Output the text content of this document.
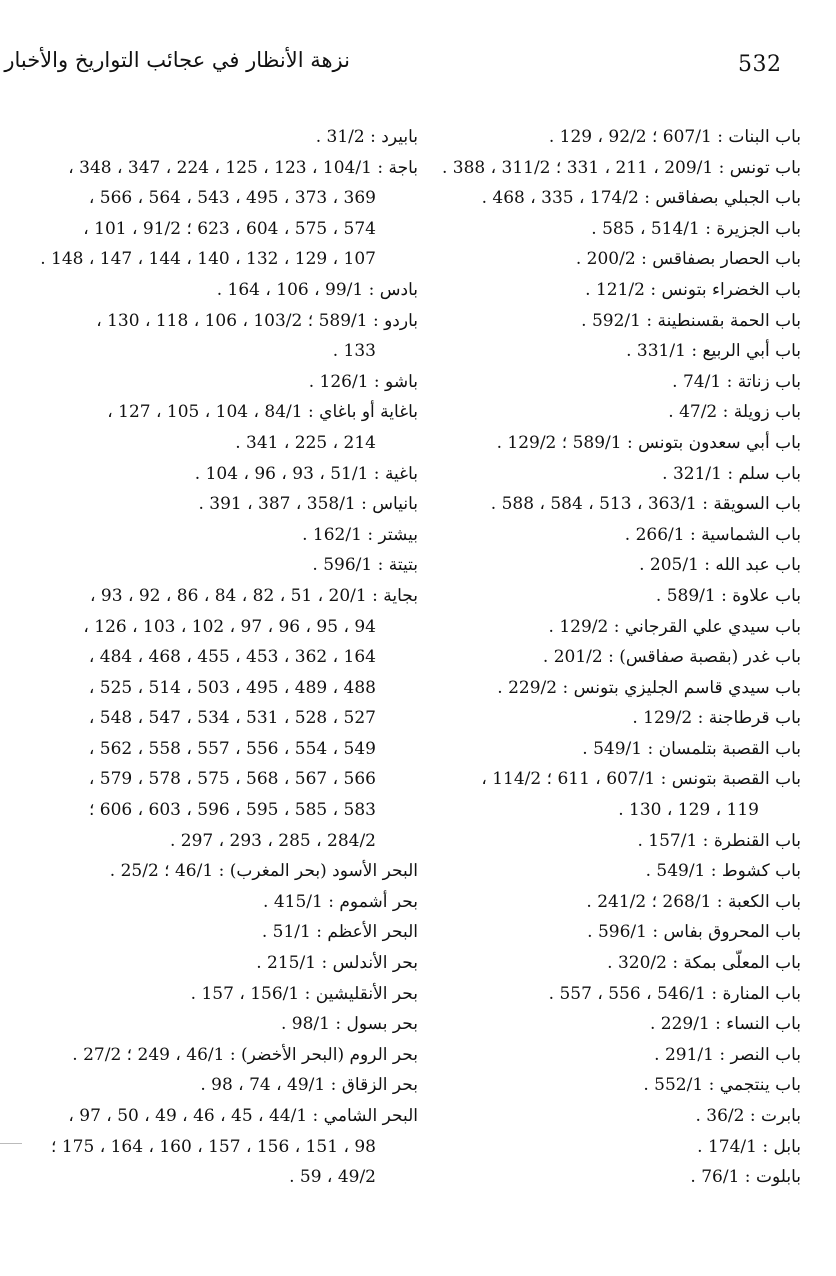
532
نزهة الأنظار في عجائب التواريخ والأخبار
باب البنات : 607/1 ؛ 92/2 ، 129 .
باب تونس : 209/1 ، 211 ، 331 ؛ 311/2 ، 388 .
باب الجبلي بصفاقس : 174/2 ، 335 ، 468 .
باب الجزيرة : 514/1 ، 585 .
باب الحصار بصفاقس : 200/2 .
باب الخضراء بتونس : 121/2 .
باب الحمة بقسنطينة : 592/1 .
باب أبي الربيع : 331/1 .
باب زناتة : 74/1 .
باب زويلة : 47/2 .
باب أبي سعدون بتونس : 589/1 ؛ 129/2 .
باب سلم : 321/1 .
باب السويقة : 363/1 ، 513 ، 584 ، 588 .
باب الشماسية : 266/1 .
باب عبد الله : 205/1 .
باب علاوة : 589/1 .
باب سيدي علي القرجاني : 129/2 .
باب غدر (بقصبة صفاقس) : 201/2 .
باب سيدي قاسم الجليزي بتونس : 229/2 .
باب قرطاجنة : 129/2 .
باب القصبة بتلمسان : 549/1 .
باب القصبة بتونس : 607/1 ، 611 ؛ 114/2 ،
119 ، 129 ، 130 .
باب القنطرة : 157/1 .
باب كشوط : 549/1 .
باب الكعبة : 268/1 ؛ 241/2 .
باب المحروق بفاس : 596/1 .
باب المعلّى بمكة : 320/2 .
باب المنارة : 546/1 ، 556 ، 557 .
باب النساء : 229/1 .
باب النصر : 291/1 .
باب ينتجمي : 552/1 .
بابرت : 36/2 .
بابل : 174/1 .
بابلوت : 76/1 .
بابيرد : 31/2 .
باجة : 104/1 ، 123 ، 125 ، 224 ، 347 ، 348 ،
369 ، 373 ، 495 ، 543 ، 564 ، 566 ،
574 ، 575 ، 604 ، 623 ؛ 91/2 ، 101 ،
107 ، 129 ، 132 ، 140 ، 144 ، 147 ، 148 .
بادس : 99/1 ، 106 ، 164 .
باردو : 589/1 ؛ 103/2 ، 106 ، 118 ، 130 ،
133 .
باشو : 126/1 .
باغاية أو باغاي : 84/1 ، 104 ، 105 ، 127 ،
214 ، 225 ، 341 .
باغية : 51/1 ، 93 ، 96 ، 104 .
بانياس : 358/1 ، 387 ، 391 .
بيشتر : 162/1 .
بتيتة : 596/1 .
بجاية : 20/1 ، 51 ، 82 ، 84 ، 86 ، 92 ، 93 ،
94 ، 95 ، 96 ، 97 ، 102 ، 103 ، 126 ،
164 ، 362 ، 453 ، 455 ، 468 ، 484 ،
488 ، 489 ، 495 ، 503 ، 514 ، 525 ،
527 ، 528 ، 531 ، 534 ، 547 ، 548 ،
549 ، 554 ، 556 ، 557 ، 558 ، 562 ،
566 ، 567 ، 568 ، 575 ، 578 ، 579 ،
583 ، 585 ، 595 ، 596 ، 603 ، 606 ؛
284/2 ، 285 ، 293 ، 297 .
البحر الأسود (بحر المغرب) : 46/1 ؛ 25/2 .
بحر أشموم : 415/1 .
البحر الأعظم : 51/1 .
بحر الأندلس : 215/1 .
بحر الأنقليشين : 156/1 ، 157 .
بحر بسول : 98/1 .
بحر الروم (البحر الأخضر) : 46/1 ، 249 ؛ 27/2 .
بحر الزقاق : 49/1 ، 74 ، 98 .
البحر الشامي : 44/1 ، 45 ، 46 ، 49 ، 50 ، 97 ،
98 ، 151 ، 156 ، 157 ، 160 ، 164 ، 175 ؛
49/2 ، 59 .
